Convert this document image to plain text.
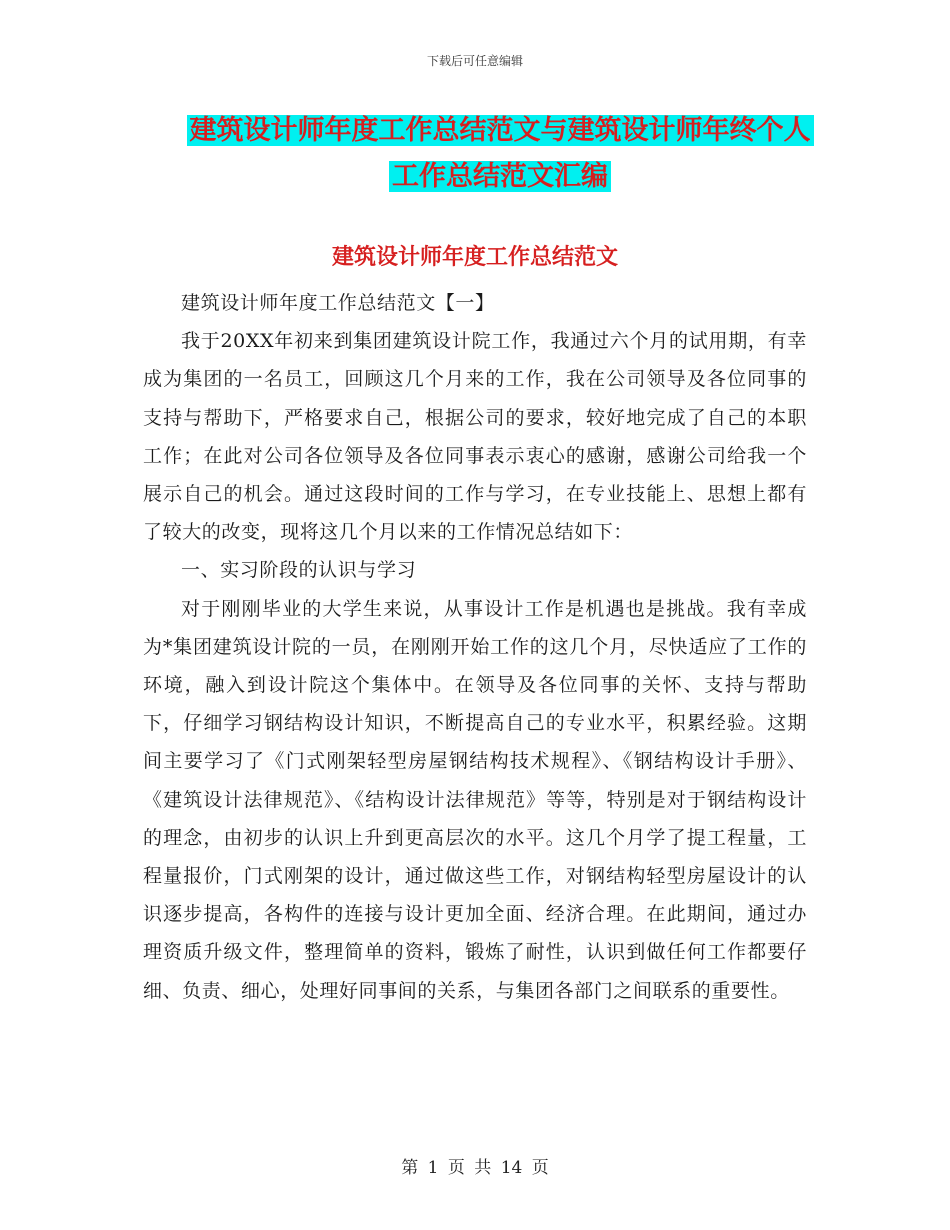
下载后可任意编辑
建筑设计师年度工作总结范文与建筑设计师年终个人
工作总结范文汇编
建筑设计师年度工作总结范文

建筑设计师年度工作总结范文【一】

我于20XX年初来到集团建筑设计院工作，我通过六个月的试用期，有幸成为集团的一名员工，回顾这几个月来的工作，我在公司领导及各位同事的支持与帮助下，严格要求自己，根据公司的要求，较好地完成了自己的本职工作；在此对公司各位领导及各位同事表示衷心的感谢，感谢公司给我一个展示自己的机会。通过这段时间的工作与学习，在专业技能上、思想上都有了较大的改变，现将这几个月以来的工作情况总结如下：

一、实习阶段的认识与学习

对于刚刚毕业的大学生来说，从事设计工作是机遇也是挑战。我有幸成为*集团建筑设计院的一员，在刚刚开始工作的这几个月，尽快适应了工作的环境，融入到设计院这个集体中。在领导及各位同事的关怀、支持与帮助下，仔细学习钢结构设计知识，不断提高自己的专业水平，积累经验。这期间主要学习了《门式刚架轻型房屋钢结构技术规程》、《钢结构设计手册》、《建筑设计法律规范》、《结构设计法律规范》等等，特别是对于钢结构设计的理念，由初步的认识上升到更高层次的水平。这几个月学了提工程量，工程量报价，门式刚架的设计，通过做这些工作，对钢结构轻型房屋设计的认识逐步提高，各构件的连接与设计更加全面、经济合理。在此期间，通过办理资质升级文件，整理简单的资料，锻炼了耐性，认识到做任何工作都要仔细、负责、细心，处理好同事间的关系，与集团各部门之间联系的重要性。

第 1 页 共 14 页
